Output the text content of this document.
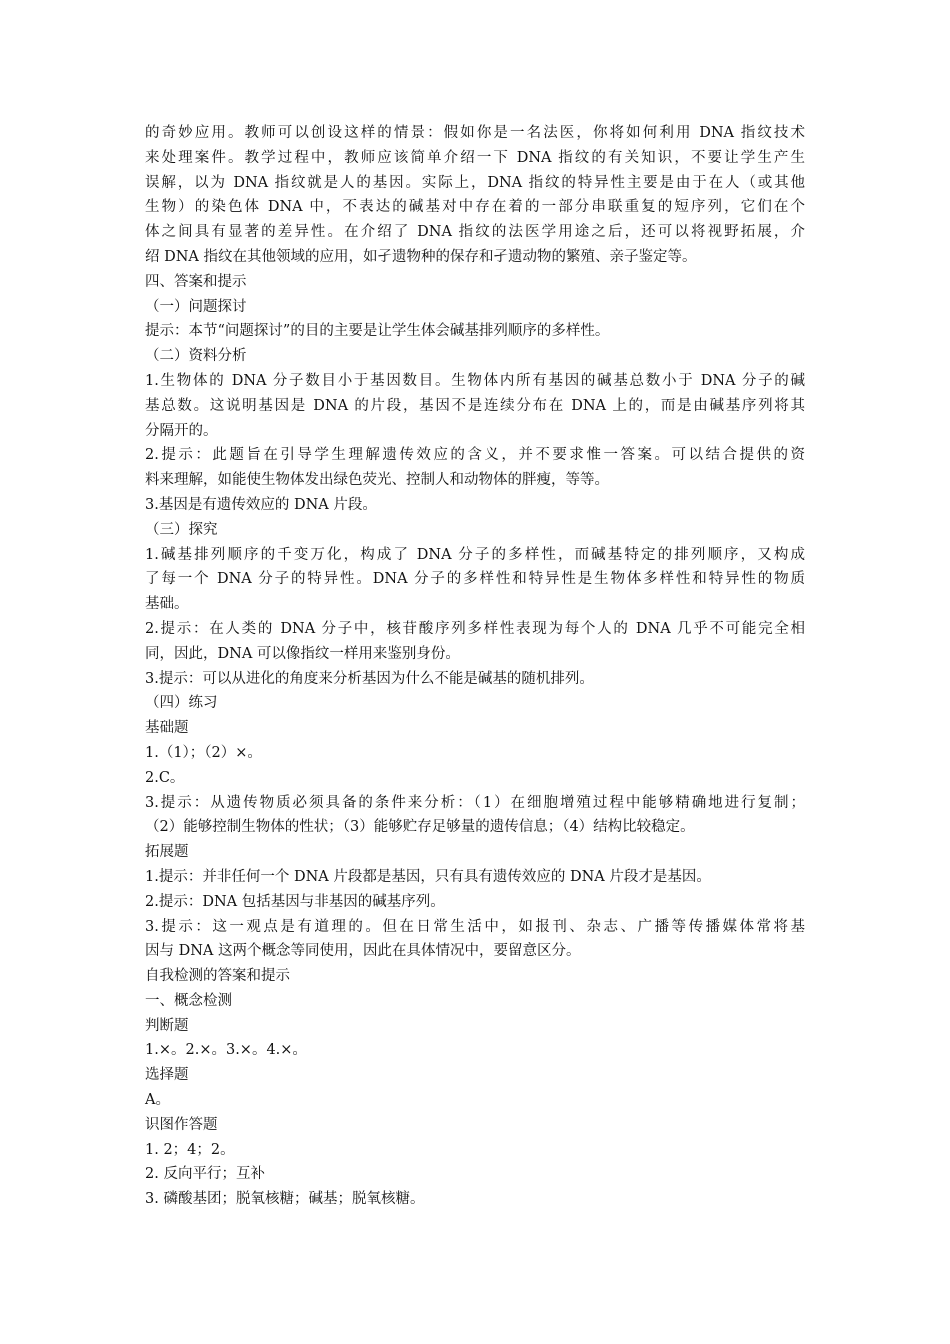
的奇妙应用。教师可以创设这样的情景：假如你是一名法医，你将如何利用 DNA 指纹技术
来处理案件。教学过程中，教师应该简单介绍一下 DNA 指纹的有关知识，不要让学生产生
误解，以为 DNA 指纹就是人的基因。实际上，DNA 指纹的特异性主要是由于在人（或其他
生物）的染色体 DNA 中，不表达的碱基对中存在着的一部分串联重复的短序列，它们在个
体之间具有显著的差异性。在介绍了 DNA 指纹的法医学用途之后，还可以将视野拓展，介
绍 DNA 指纹在其他领域的应用，如孑遗物种的保存和孑遗动物的繁殖、亲子鉴定等。
四、答案和提示
（一）问题探讨
提示：本节“问题探讨”的目的主要是让学生体会碱基排列顺序的多样性。
（二）资料分析
1.生物体的 DNA 分子数目小于基因数目。生物体内所有基因的碱基总数小于 DNA 分子的碱
基总数。这说明基因是 DNA 的片段，基因不是连续分布在 DNA 上的，而是由碱基序列将其
分隔开的。
2.提示：此题旨在引导学生理解遗传效应的含义，并不要求惟一答案。可以结合提供的资
料来理解，如能使生物体发出绿色荧光、控制人和动物体的胖瘦，等等。
3.基因是有遗传效应的 DNA 片段。
（三）探究
1.碱基排列顺序的千变万化，构成了 DNA 分子的多样性，而碱基特定的排列顺序，又构成
了每一个 DNA 分子的特异性。DNA 分子的多样性和特异性是生物体多样性和特异性的物质
基础。
2.提示：在人类的 DNA 分子中，核苷酸序列多样性表现为每个人的 DNA 几乎不可能完全相
同，因此，DNA 可以像指纹一样用来鉴别身份。
3.提示：可以从进化的角度来分析基因为什么不能是碱基的随机排列。
（四）练习
基础题
1.（1）；（2）×。
2.C。
3.提示：从遗传物质必须具备的条件来分析：（1）在细胞增殖过程中能够精确地进行复制；
（2）能够控制生物体的性状；（3）能够贮存足够量的遗传信息；（4）结构比较稳定。
拓展题
1.提示：并非任何一个 DNA 片段都是基因，只有具有遗传效应的 DNA 片段才是基因。
2.提示：DNA 包括基因与非基因的碱基序列。
3.提示：这一观点是有道理的。但在日常生活中，如报刊、杂志、广播等传播媒体常将基
因与 DNA 这两个概念等同使用，因此在具体情况中，要留意区分。
自我检测的答案和提示
一、概念检测
判断题
1.×。2.×。3.×。4.×。
选择题
A。
识图作答题
1. 2；4；2。
2. 反向平行；互补
3. 磷酸基团；脱氧核糖；碱基；脱氧核糖。
